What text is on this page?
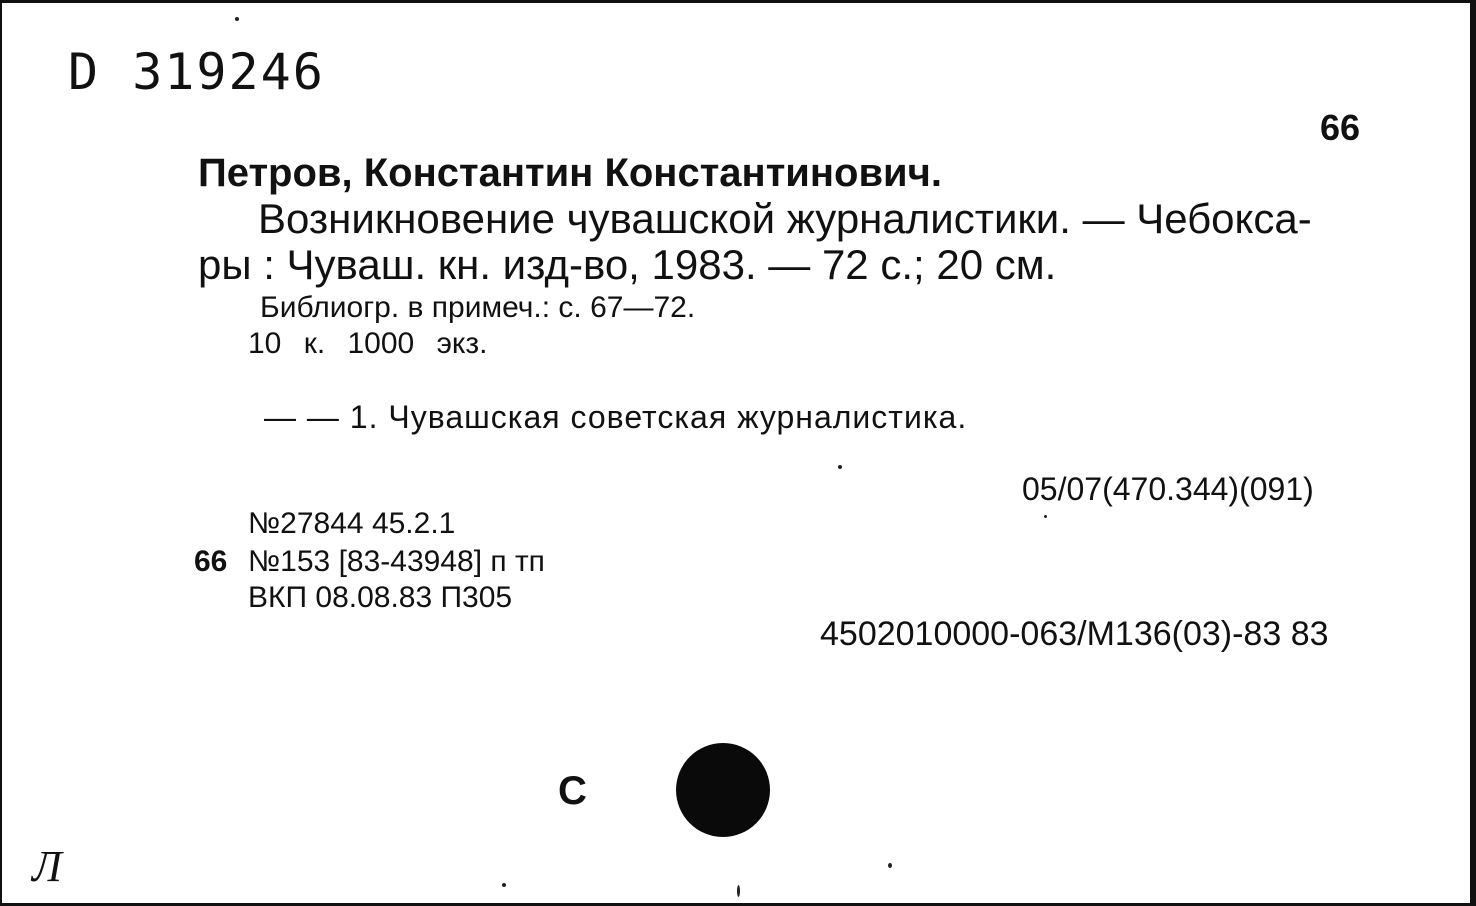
D 319246
66
Петров, Константин Константинович.
Возникновение чувашской журналистики. — Чебокса-
ры : Чуваш. кн. изд-во, 1983. — 72 с.; 20 см.
Библиогр. в примеч.: с. 67—72.
10 к. 1000 экз.
— — 1. Чувашская советская журналистика.
05/07(470.344)(091)
№27844 45.2.1
66 №153 [83-43948] п тп
ВКП 08.08.83 П305
4502010000-063/М136(03)-83 83
С
Л
